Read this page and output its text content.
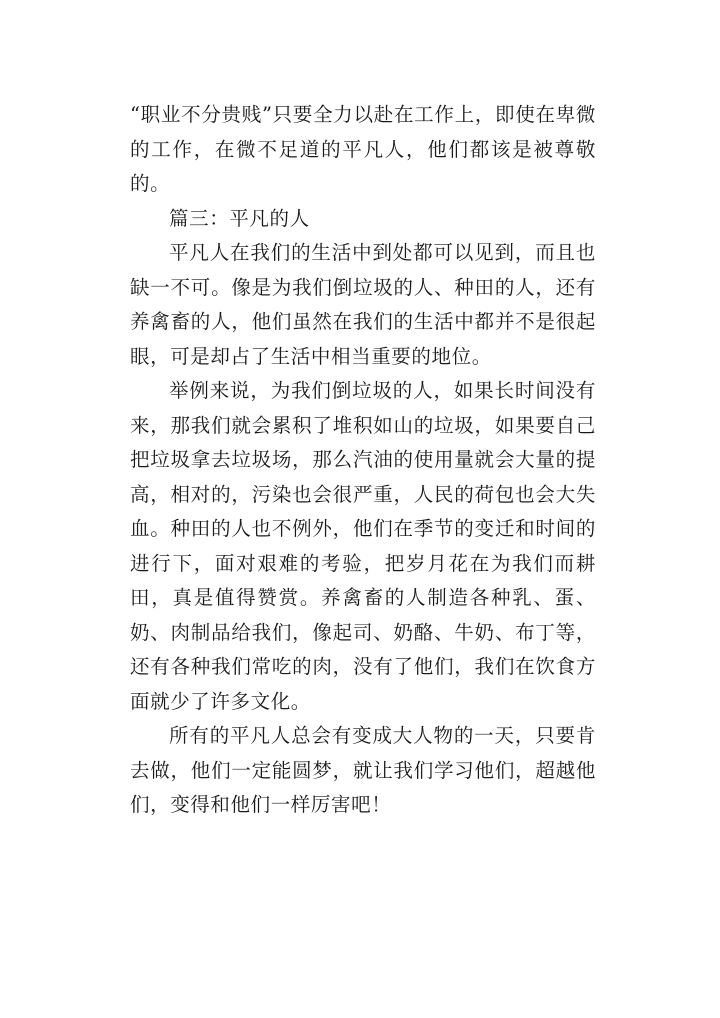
“职业不分贵贱”只要全力以赴在工作上，即使在卑微的工作，在微不足道的平凡人，他们都该是被尊敬的。

篇三：平凡的人

平凡人在我们的生活中到处都可以见到，而且也缺一不可。像是为我们倒垃圾的人、种田的人，还有养禽畜的人，他们虽然在我们的生活中都并不是很起眼，可是却占了生活中相当重要的地位。

举例来说，为我们倒垃圾的人，如果长时间没有来，那我们就会累积了堆积如山的垃圾，如果要自己把垃圾拿去垃圾场，那么汽油的使用量就会大量的提高，相对的，污染也会很严重，人民的荷包也会大失血。种田的人也不例外，他们在季节的变迁和时间的进行下，面对艰难的考验，把岁月花在为我们而耕田，真是值得赞赏。养禽畜的人制造各种乳、蛋、奶、肉制品给我们，像起司、奶酪、牛奶、布丁等，还有各种我们常吃的肉，没有了他们，我们在饮食方面就少了许多文化。

所有的平凡人总会有变成大人物的一天，只要肯去做，他们一定能圆梦，就让我们学习他们，超越他们，变得和他们一样厉害吧！
